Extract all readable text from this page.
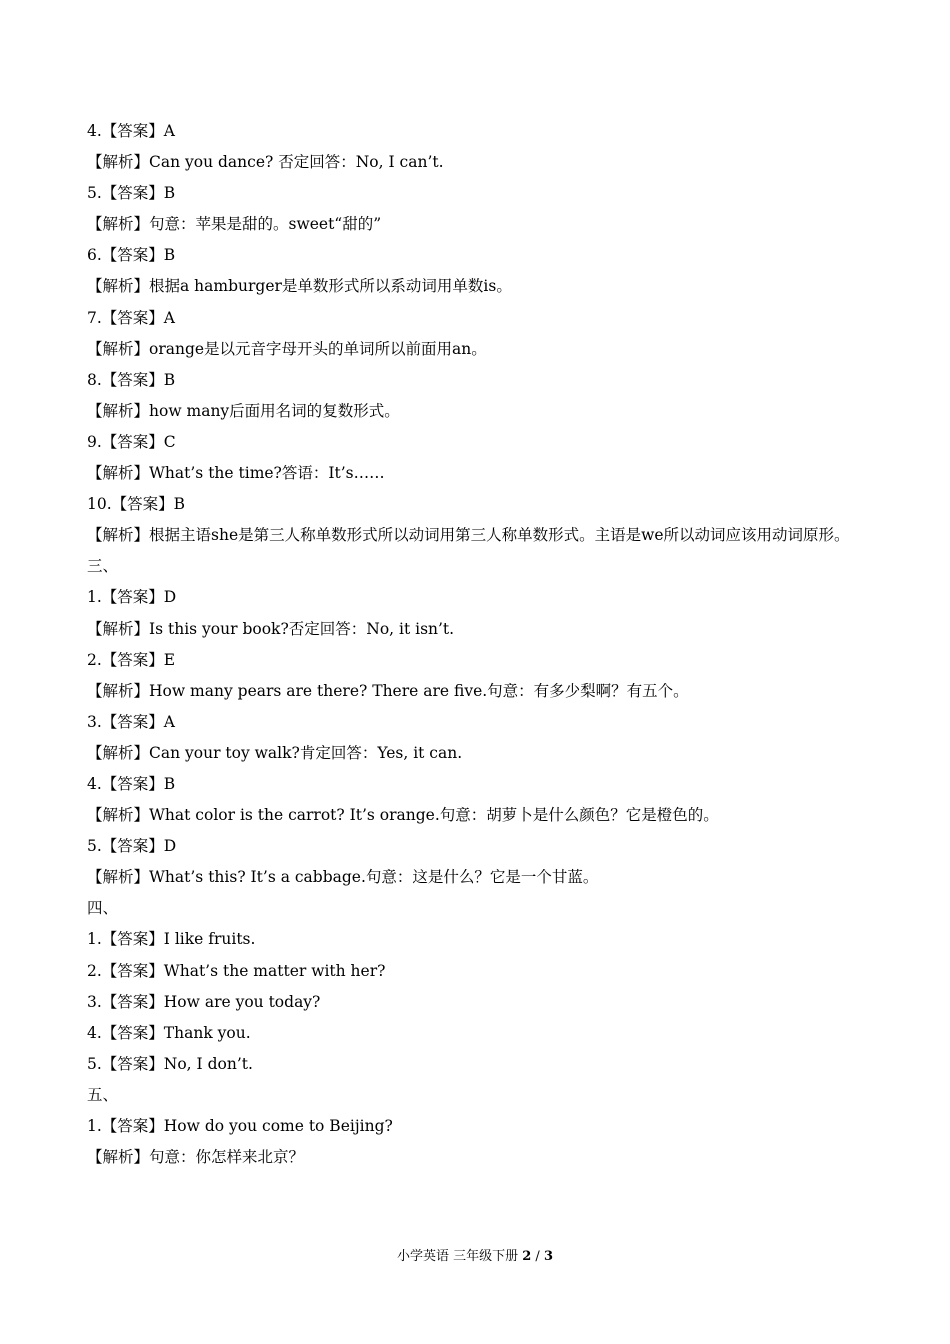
4.【答案】A
【解析】Can you dance? 否定回答：No, I can’t.
5.【答案】B
【解析】句意：苹果是甜的。sweet“甜的”
6.【答案】B
【解析】根据a hamburger是单数形式所以系动词用单数is。
7.【答案】A
【解析】orange是以元音字母开头的单词所以前面用an。
8.【答案】B
【解析】how many后面用名词的复数形式。
9.【答案】C
【解析】What’s the time?答语：It’s……
10.【答案】B
【解析】根据主语she是第三人称单数形式所以动词用第三人称单数形式。主语是we所以动词应该用动词原形。
三、
1.【答案】D
【解析】Is this your book?否定回答：No, it isn’t.
2.【答案】E
【解析】How many pears are there? There are five.句意：有多少梨啊？有五个。
3.【答案】A
【解析】Can your toy walk?肯定回答：Yes, it can.
4.【答案】B
【解析】What color is the carrot? It’s orange.句意：胡萝卜是什么颜色？它是橙色的。
5.【答案】D
【解析】What’s this? It’s a cabbage.句意：这是什么？它是一个甘蓝。
四、
1.【答案】I like fruits.
2.【答案】What’s the matter with her?
3.【答案】How are you today?
4.【答案】Thank you.
5.【答案】No, I don’t.
五、
1.【答案】How do you come to Beijing?
【解析】句意：你怎样来北京？
小学英语 三年级下册 2 / 3
